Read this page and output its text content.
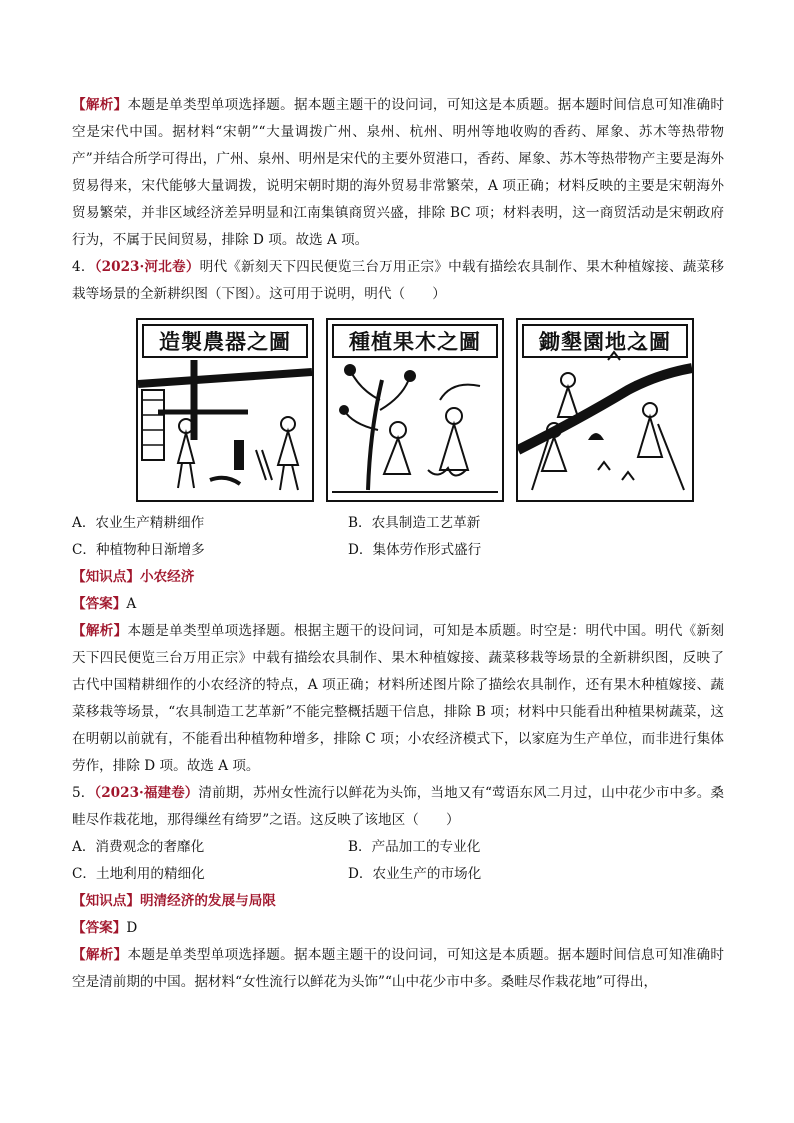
【解析】本题是单类型单项选择题。据本题主题干的设问词，可知这是本质题。据本题时间信息可知准确时空是宋代中国。据材料“宋朝”“大量调拨广州、泉州、杭州、明州等地收购的香药、犀象、苏木等热带物产”并结合所学可得出，广州、泉州、明州是宋代的主要外贸港口，香药、犀象、苏木等热带物产主要是海外贸易得来，宋代能够大量调拨，说明宋朝时期的海外贸易非常繁荣，A 项正确；材料反映的主要是宋朝海外贸易繁荣，并非区域经济差异明显和江南集镇商贸兴盛，排除 BC 项；材料表明，这一商贸活动是宋朝政府行为，不属于民间贸易，排除 D 项。故选 A 项。

4．（2023·河北卷）明代《新刻天下四民便览三台万用正宗》中载有描绘农具制作、果木种植嫁接、蔬菜移栽等场景的全新耕织图（下图）。这可用于说明，明代（　　）

造製農器之圖	種植果木之圖	鋤墾園地之圖
A．农业生产精耕细作	B．农具制造工艺革新
C．种植物种日渐增多	D．集体劳作形式盛行

【知识点】小农经济

【答案】A

【解析】本题是单类型单项选择题。根据主题干的设问词，可知是本质题。时空是：明代中国。明代《新刻天下四民便览三台万用正宗》中载有描绘农具制作、果木种植嫁接、蔬菜移栽等场景的全新耕织图，反映了古代中国精耕细作的小农经济的特点，A 项正确；材料所述图片除了描绘农具制作，还有果木种植嫁接、蔬菜移栽等场景，“农具制造工艺革新”不能完整概括题干信息，排除 B 项；材料中只能看出种植果树蔬菜，这在明朝以前就有，不能看出种植物种增多，排除 C 项；小农经济模式下，以家庭为生产单位，而非进行集体劳作，排除 D 项。故选 A 项。

5．（2023·福建卷）清前期，苏州女性流行以鲜花为头饰，当地又有“莺语东风二月过，山中花少市中多。桑畦尽作栽花地，那得缫丝有绮罗”之语。这反映了该地区（　　）

A．消费观念的奢靡化	B．产品加工的专业化
C．土地利用的精细化	D．农业生产的市场化

【知识点】明清经济的发展与局限

【答案】D

【解析】本题是单类型单项选择题。据本题主题干的设问词，可知这是本质题。据本题时间信息可知准确时空是清前期的中国。据材料“女性流行以鲜花为头饰”“山中花少市中多。桑畦尽作栽花地”可得出，
